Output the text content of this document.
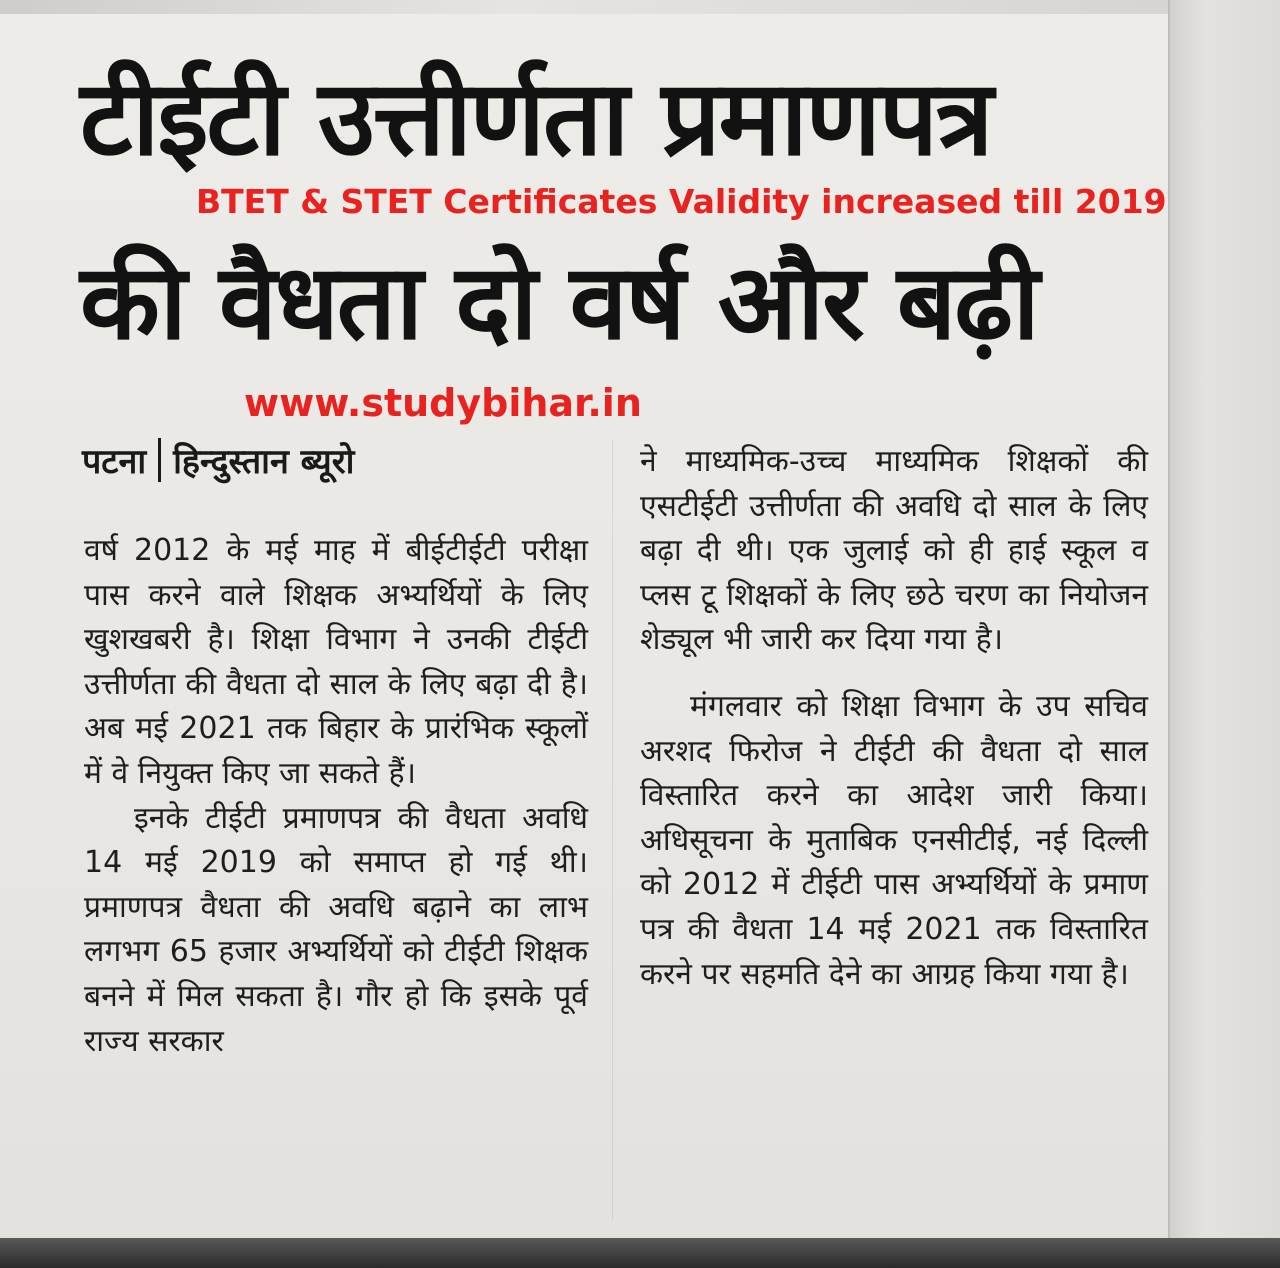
टीईटी उत्तीर्णता प्रमाणपत्र
की वैधता दो वर्ष और बढ़ी
BTET & STET Certificates Validity increased till 2019
www.studybihar.in
पटना हिन्दुस्तान ब्यूरो

वर्ष 2012 के मई माह में बीईटीईटी परीक्षा पास करने वाले शिक्षक अभ्यर्थियों के लिए खुशखबरी है। शिक्षा विभाग ने उनकी टीईटी उत्तीर्णता की वैधता दो साल के लिए बढ़ा दी है। अब मई 2021 तक बिहार के प्रारंभिक स्कूलों में वे नियुक्त किए जा सकते हैं।

इनके टीईटी प्रमाणपत्र की वैधता अवधि 14 मई 2019 को समाप्त हो गई थी। प्रमाणपत्र वैधता की अवधि बढ़ाने का लाभ लगभग 65 हजार अभ्यर्थियों को टीईटी शिक्षक बनने में मिल सकता है। गौर हो कि इसके पूर्व राज्य सरकार

ने माध्यमिक-उच्च माध्यमिक शिक्षकों की एसटीईटी उत्तीर्णता की अवधि दो साल के लिए बढ़ा दी थी। एक जुलाई को ही हाई स्कूल व प्लस टू शिक्षकों के लिए छठे चरण का नियोजन शेड्यूल भी जारी कर दिया गया है।

मंगलवार को शिक्षा विभाग के उप सचिव अरशद फिरोज ने टीईटी की वैधता दो साल विस्तारित करने का आदेश जारी किया। अधिसूचना के मुताबिक एनसीटीई, नई दिल्ली को 2012 में टीईटी पास अभ्यर्थियों के प्रमाण पत्र की वैधता 14 मई 2021 तक विस्तारित करने पर सहमति देने का आग्रह किया गया है।
